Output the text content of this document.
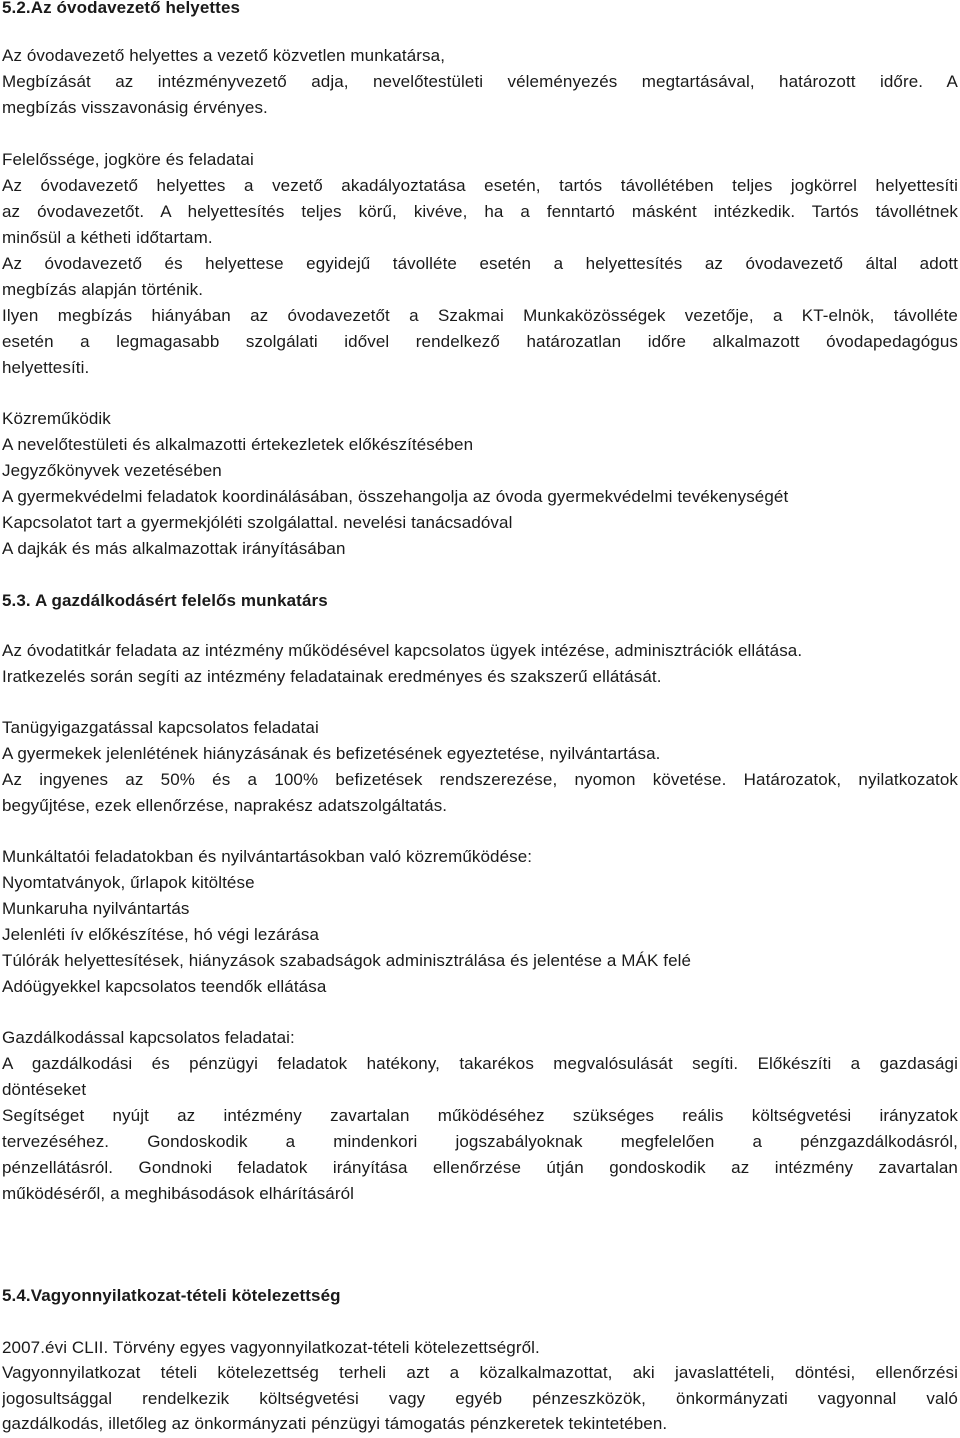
5.2.Az óvodavezető helyettes
Az óvodavezető helyettes a vezető közvetlen munkatársa,
Megbízását az intézményvezető adja, nevelőtestületi véleményezés megtartásával, határozott időre. A
megbízás visszavonásig érvényes.
Felelőssége, jogköre és feladatai
Az óvodavezető helyettes a vezető akadályoztatása esetén, tartós távollétében teljes jogkörrel helyettesíti
az óvodavezetőt. A helyettesítés teljes körű, kivéve, ha a fenntartó másként intézkedik. Tartós távollétnek
minősül a kétheti időtartam.
Az óvodavezető és helyettese egyidejű távolléte esetén a helyettesítés az óvodavezető által adott
megbízás alapján történik.
Ilyen megbízás hiányában az óvodavezetőt a Szakmai Munkaközösségek vezetője, a KT-elnök, távolléte
esetén a legmagasabb szolgálati idővel rendelkező határozatlan időre alkalmazott óvodapedagógus
helyettesíti.
Közreműködik
A nevelőtestületi és alkalmazotti értekezletek előkészítésében
Jegyzőkönyvek vezetésében
A gyermekvédelmi feladatok koordinálásában, összehangolja az óvoda gyermekvédelmi tevékenységét
Kapcsolatot tart a gyermekjóléti szolgálattal. nevelési tanácsadóval
A dajkák és más alkalmazottak irányításában
5.3. A gazdálkodásért felelős munkatárs
Az óvodatitkár feladata az intézmény működésével kapcsolatos ügyek intézése, adminisztrációk ellátása.
Iratkezelés során segíti az intézmény feladatainak eredményes és szakszerű ellátását.
Tanügyigazgatással kapcsolatos feladatai
A gyermekek jelenlétének hiányzásának és befizetésének egyeztetése, nyilvántartása.
Az ingyenes az 50% és a 100% befizetések rendszerezése, nyomon követése. Határozatok, nyilatkozatok
begyűjtése, ezek ellenőrzése, naprakész adatszolgáltatás.
Munkáltatói feladatokban és nyilvántartásokban való közreműködése:
Nyomtatványok, űrlapok kitöltése
Munkaruha nyilvántartás
Jelenléti ív előkészítése, hó végi lezárása
Túlórák helyettesítések, hiányzások szabadságok adminisztrálása és jelentése a MÁK felé
Adóügyekkel kapcsolatos teendők ellátása
Gazdálkodással kapcsolatos feladatai:
A gazdálkodási és pénzügyi feladatok hatékony, takarékos megvalósulását segíti. Előkészíti a gazdasági
döntéseket
Segítséget nyújt az intézmény zavartalan működéséhez szükséges reális költségvetési irányzatok
tervezéséhez. Gondoskodik a mindenkori jogszabályoknak megfelelően a pénzgazdálkodásról,
pénzellátásról. Gondnoki feladatok irányítása ellenőrzése útján gondoskodik az intézmény zavartalan
működéséről, a meghibásodások elhárításáról
5.4.Vagyonnyilatkozat-tételi kötelezettség
2007.évi CLII. Törvény egyes vagyonnyilatkozat-tételi kötelezettségről.
Vagyonnyilatkozat tételi kötelezettség terheli azt a közalkalmazottat, aki javaslattételi, döntési, ellenőrzési
jogosultsággal rendelkezik költségvetési vagy egyéb pénzeszközök, önkormányzati vagyonnal való
gazdálkodás, illetőleg az önkormányzati pénzügyi támogatás pénzkeretek tekintetében.
